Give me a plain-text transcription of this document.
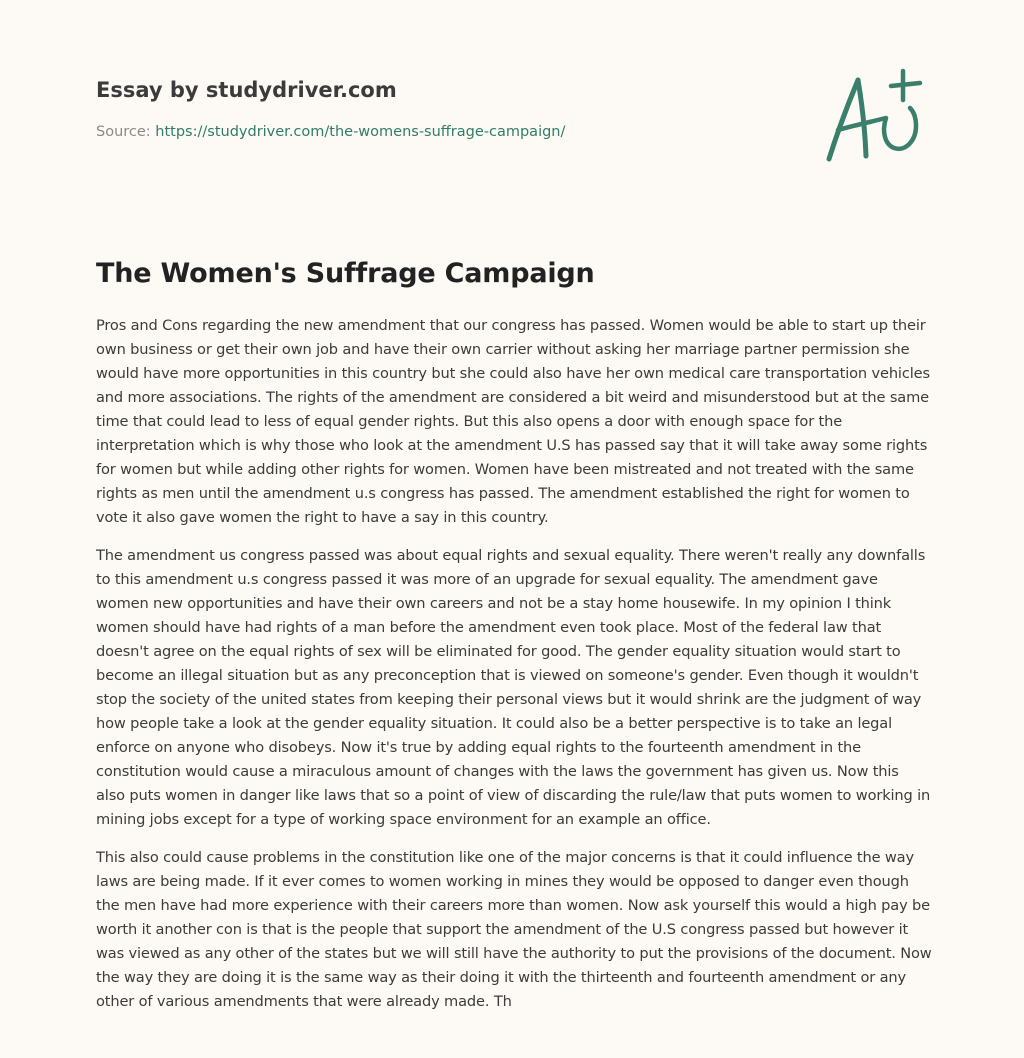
Essay by studydriver.com
Source: https://studydriver.com/the-womens-suffrage-campaign/
The Women's Suffrage Campaign

Pros and Cons regarding the new amendment that our congress has passed. Women would be able to start up their own business or get their own job and have their own carrier without asking her marriage partner permission she would have more opportunities in this country but she could also have her own medical care transportation vehicles and more associations. The rights of the amendment are considered a bit weird and misunderstood but at the same time that could lead to less of equal gender rights. But this also opens a door with enough space for the interpretation which is why those who look at the amendment U.S has passed say that it will take away some rights for women but while adding other rights for women. Women have been mistreated and not treated with the same rights as men until the amendment u.s congress has passed. The amendment established the right for women to vote it also gave women the right to have a say in this country.

The amendment us congress passed was about equal rights and sexual equality. There weren't really any downfalls to this amendment u.s congress passed it was more of an upgrade for sexual equality. The amendment gave women new opportunities and have their own careers and not be a stay home housewife. In my opinion I think women should have had rights of a man before the amendment even took place. Most of the federal law that doesn't agree on the equal rights of sex will be eliminated for good. The gender equality situation would start to become an illegal situation but as any preconception that is viewed on someone's gender. Even though it wouldn't stop the society of the united states from keeping their personal views but it would shrink are the judgment of way how people take a look at the gender equality situation. It could also be a better perspective is to take an legal enforce on anyone who disobeys. Now it's true by adding equal rights to the fourteenth amendment in the constitution would cause a miraculous amount of changes with the laws the government has given us. Now this also puts women in danger like laws that so a point of view of discarding the rule/law that puts women to working in mining jobs except for a type of working space environment for an example an office.

This also could cause problems in the constitution like one of the major concerns is that it could influence the way laws are being made. If it ever comes to women working in mines they would be opposed to danger even though the men have had more experience with their careers more than women. Now ask yourself this would a high pay be worth it another con is that is the people that support the amendment of the U.S congress passed but however it was viewed as any other of the states but we will still have the authority to put the provisions of the document. Now the way they are doing it is the same way as their doing it with the thirteenth and fourteenth amendment or any other of various amendments that were already made. Th
